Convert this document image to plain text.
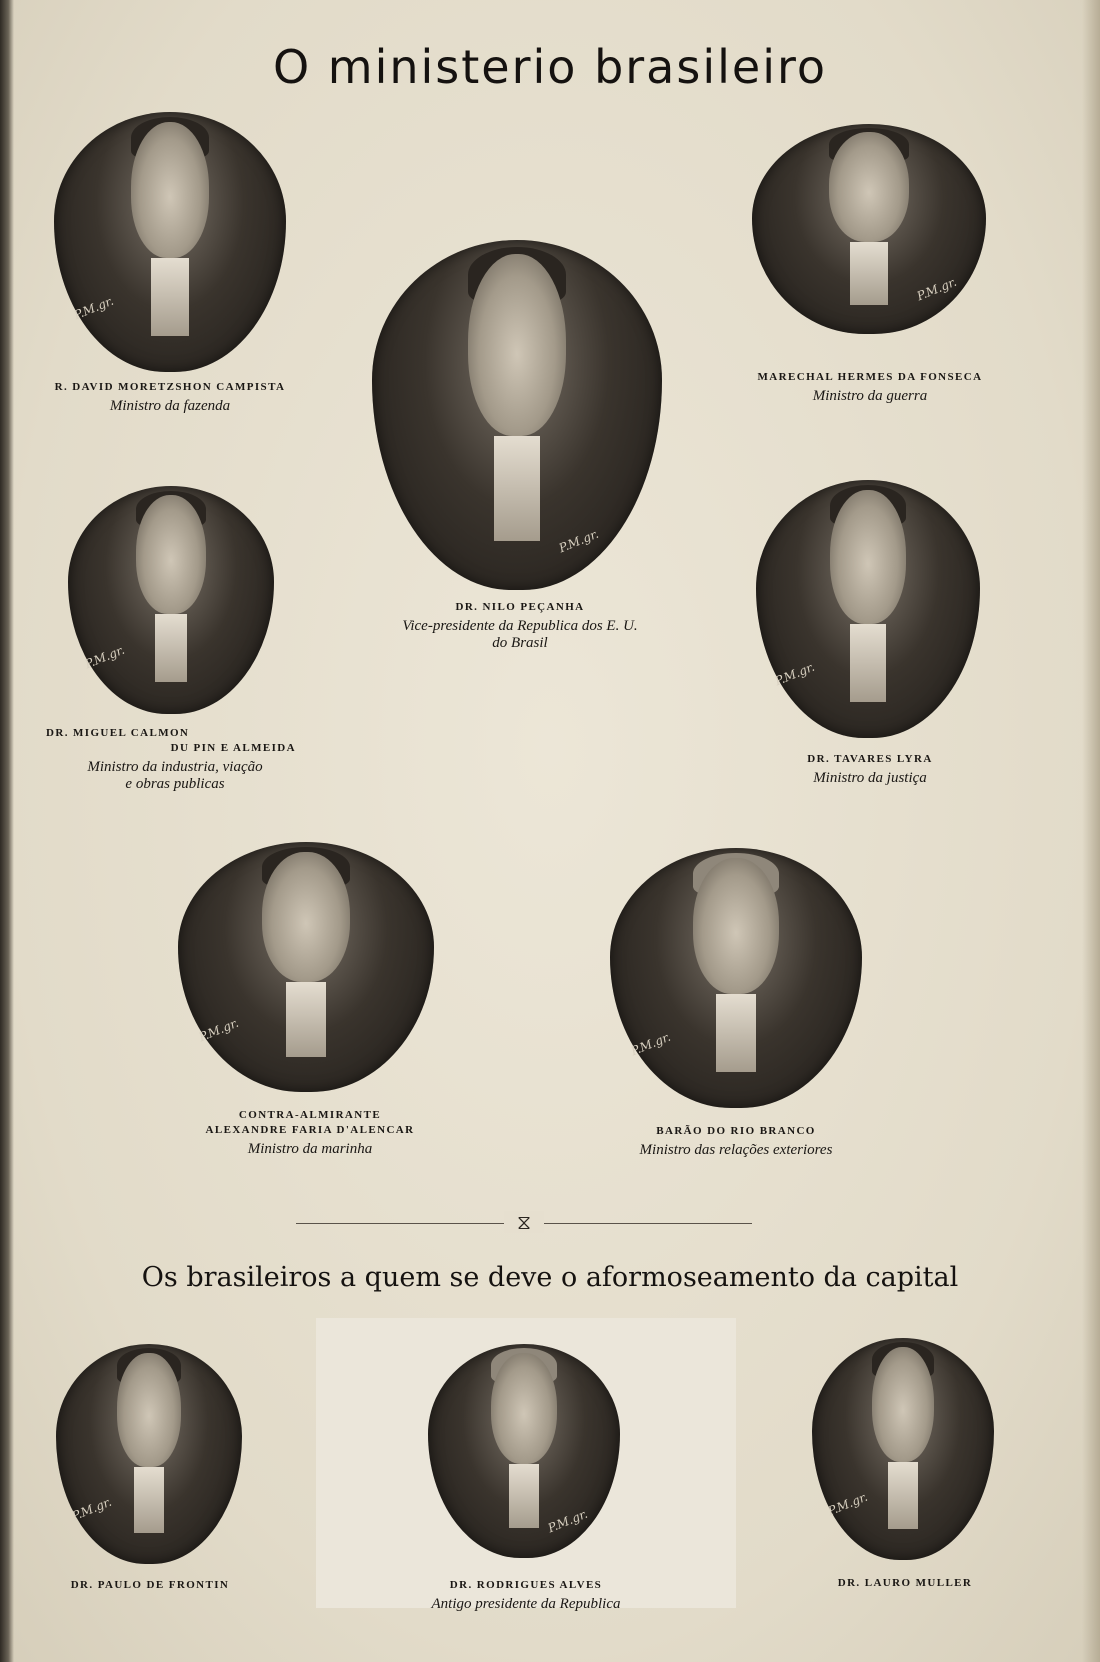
O ministerio brasileiro
P.M.gr.
R. DAVID MORETZSHON CAMPISTA
Ministro da fazenda
P.M.gr.
MARECHAL HERMES DA FONSECA
Ministro da guerra
P.M.gr.
DR. NILO PEÇANHA
Vice-presidente da Republica dos E. U.
do Brasil
P.M.gr.
DR. MIGUEL CALMON
DU PIN E ALMEIDA
Ministro da industria, viação
e obras publicas
P.M.gr.
DR. TAVARES LYRA
Ministro da justiça
P.M.gr.
CONTRA-ALMIRANTE
ALEXANDRE FARIA D'ALENCAR
Ministro da marinha
P.M.gr.
BARÃO DO RIO BRANCO
Ministro das relações exteriores
⧖
Os brasileiros a quem se deve o aformoseamento da capital
P.M.gr.
DR. PAULO DE FRONTIN
P.M.gr.
DR. RODRIGUES ALVES
Antigo presidente da Republica
P.M.gr.
DR. LAURO MULLER
